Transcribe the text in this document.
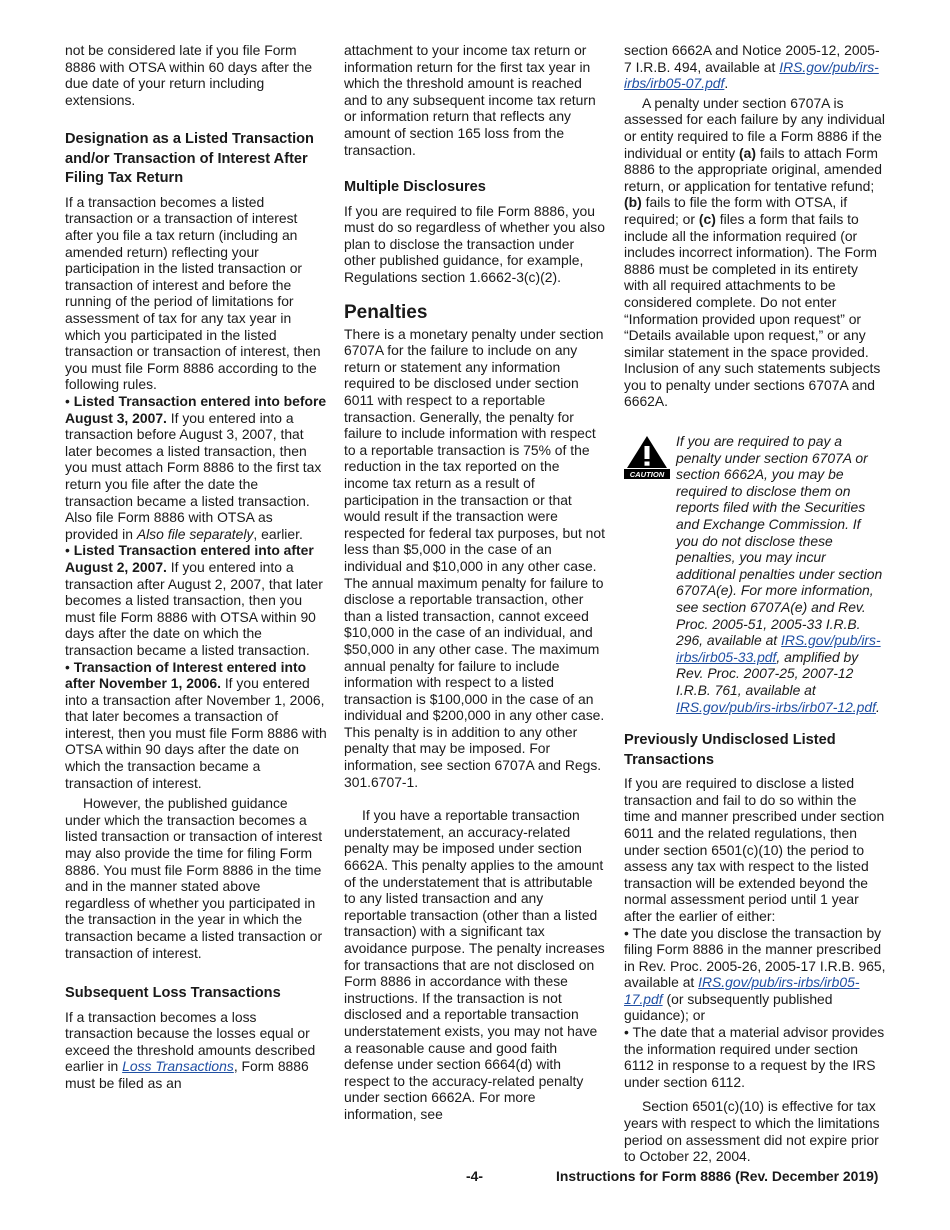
not be considered late if you file Form 8886 with OTSA within 60 days after the due date of your return including extensions.

Designation as a Listed Transaction and/or Transaction of Interest After Filing Tax Return

If a transaction becomes a listed transaction or a transaction of interest after you file a tax return (including an amended return) reflecting your participation in the listed transaction or transaction of interest and before the running of the period of limitations for assessment of tax for any tax year in which you participated in the listed transaction or transaction of interest, then you must file Form 8886 according to the following rules.

• Listed Transaction entered into before August 3, 2007. If you entered into a transaction before August 3, 2007, that later becomes a listed transaction, then you must attach Form 8886 to the first tax return you file after the date the transaction became a listed transaction. Also file Form 8886 with OTSA as provided in Also file separately, earlier.

• Listed Transaction entered into after August 2, 2007. If you entered into a transaction after August 2, 2007, that later becomes a listed transaction, then you must file Form 8886 with OTSA within 90 days after the date on which the transaction became a listed transaction.

• Transaction of Interest entered into after November 1, 2006. If you entered into a transaction after November 1, 2006, that later becomes a transaction of interest, then you must file Form 8886 with OTSA within 90 days after the date on which the transaction became a transaction of interest.

However, the published guidance under which the transaction becomes a listed transaction or transaction of interest may also provide the time for filing Form 8886. You must file Form 8886 in the time and in the manner stated above regardless of whether you participated in the transaction in the year in which the transaction became a listed transaction or transaction of interest.

Subsequent Loss Transactions

If a transaction becomes a loss transaction because the losses equal or exceed the threshold amounts described earlier in Loss Transactions, Form 8886 must be filed as an

attachment to your income tax return or information return for the first tax year in which the threshold amount is reached and to any subsequent income tax return or information return that reflects any amount of section 165 loss from the transaction.

Multiple Disclosures

If you are required to file Form 8886, you must do so regardless of whether you also plan to disclose the transaction under other published guidance, for example, Regulations section 1.6662-3(c)(2).

Penalties

There is a monetary penalty under section 6707A for the failure to include on any return or statement any information required to be disclosed under section 6011 with respect to a reportable transaction. Generally, the penalty for failure to include information with respect to a reportable transaction is 75% of the reduction in the tax reported on the income tax return as a result of participation in the transaction or that would result if the transaction were respected for federal tax purposes, but not less than $5,000 in the case of an individual and $10,000 in any other case. The annual maximum penalty for failure to disclose a reportable transaction, other than a listed transaction, cannot exceed $10,000 in the case of an individual, and $50,000 in any other case. The maximum annual penalty for failure to include information with respect to a listed transaction is $100,000 in the case of an individual and $200,000 in any other case. This penalty is in addition to any other penalty that may be imposed. For information, see section 6707A and Regs. 301.6707-1.

If you have a reportable transaction understatement, an accuracy-related penalty may be imposed under section 6662A. This penalty applies to the amount of the understatement that is attributable to any listed transaction and any reportable transaction (other than a listed transaction) with a significant tax avoidance purpose. The penalty increases for transactions that are not disclosed on Form 8886 in accordance with these instructions. If the transaction is not disclosed and a reportable transaction understatement exists, you may not have a reasonable cause and good faith defense under section 6664(d) with respect to the accuracy-related penalty under section 6662A. For more information, see

section 6662A and Notice 2005-12, 2005-7 I.R.B. 494, available at IRS.gov/pub/irs-irbs/irb05-07.pdf.

A penalty under section 6707A is assessed for each failure by any individual or entity required to file a Form 8886 if the individual or entity (a) fails to attach Form 8886 to the appropriate original, amended return, or application for tentative refund; (b) fails to file the form with OTSA, if required; or (c) files a form that fails to include all the information required (or includes incorrect information). The Form 8886 must be completed in its entirety with all required attachments to be considered complete. Do not enter “Information provided upon request” or “Details available upon request,” or any similar statement in the space provided. Inclusion of any such statements subjects you to penalty under sections 6707A and 6662A.

CAUTION
If you are required to pay a penalty under section 6707A or section 6662A, you may be required to disclose them on reports filed with the Securities and Exchange Commission. If you do not disclose these penalties, you may incur additional penalties under section 6707A(e). For more information, see section 6707A(e) and Rev. Proc. 2005-51, 2005-33 I.R.B. 296, available at IRS.gov/pub/irs-irbs/irb05-33.pdf, amplified by Rev. Proc. 2007-25, 2007-12 I.R.B. 761, available at IRS.gov/pub/irs-irbs/irb07-12.pdf.
Previously Undisclosed Listed Transactions

If you are required to disclose a listed transaction and fail to do so within the time and manner prescribed under section 6011 and the related regulations, then under section 6501(c)(10) the period to assess any tax with respect to the listed transaction will be extended beyond the normal assessment period until 1 year after the earlier of either:

• The date you disclose the transaction by filing Form 8886 in the manner prescribed in Rev. Proc. 2005-26, 2005-17 I.R.B. 965, available at IRS.gov/pub/irs-irbs/irb05-17.pdf (or subsequently published guidance); or

• The date that a material advisor provides the information required under section 6112 in response to a request by the IRS under section 6112.

Section 6501(c)(10) is effective for tax years with respect to which the limitations period on assessment did not expire prior to October 22, 2004.

-4-	Instructions for Form 8886 (Rev. December 2019)
